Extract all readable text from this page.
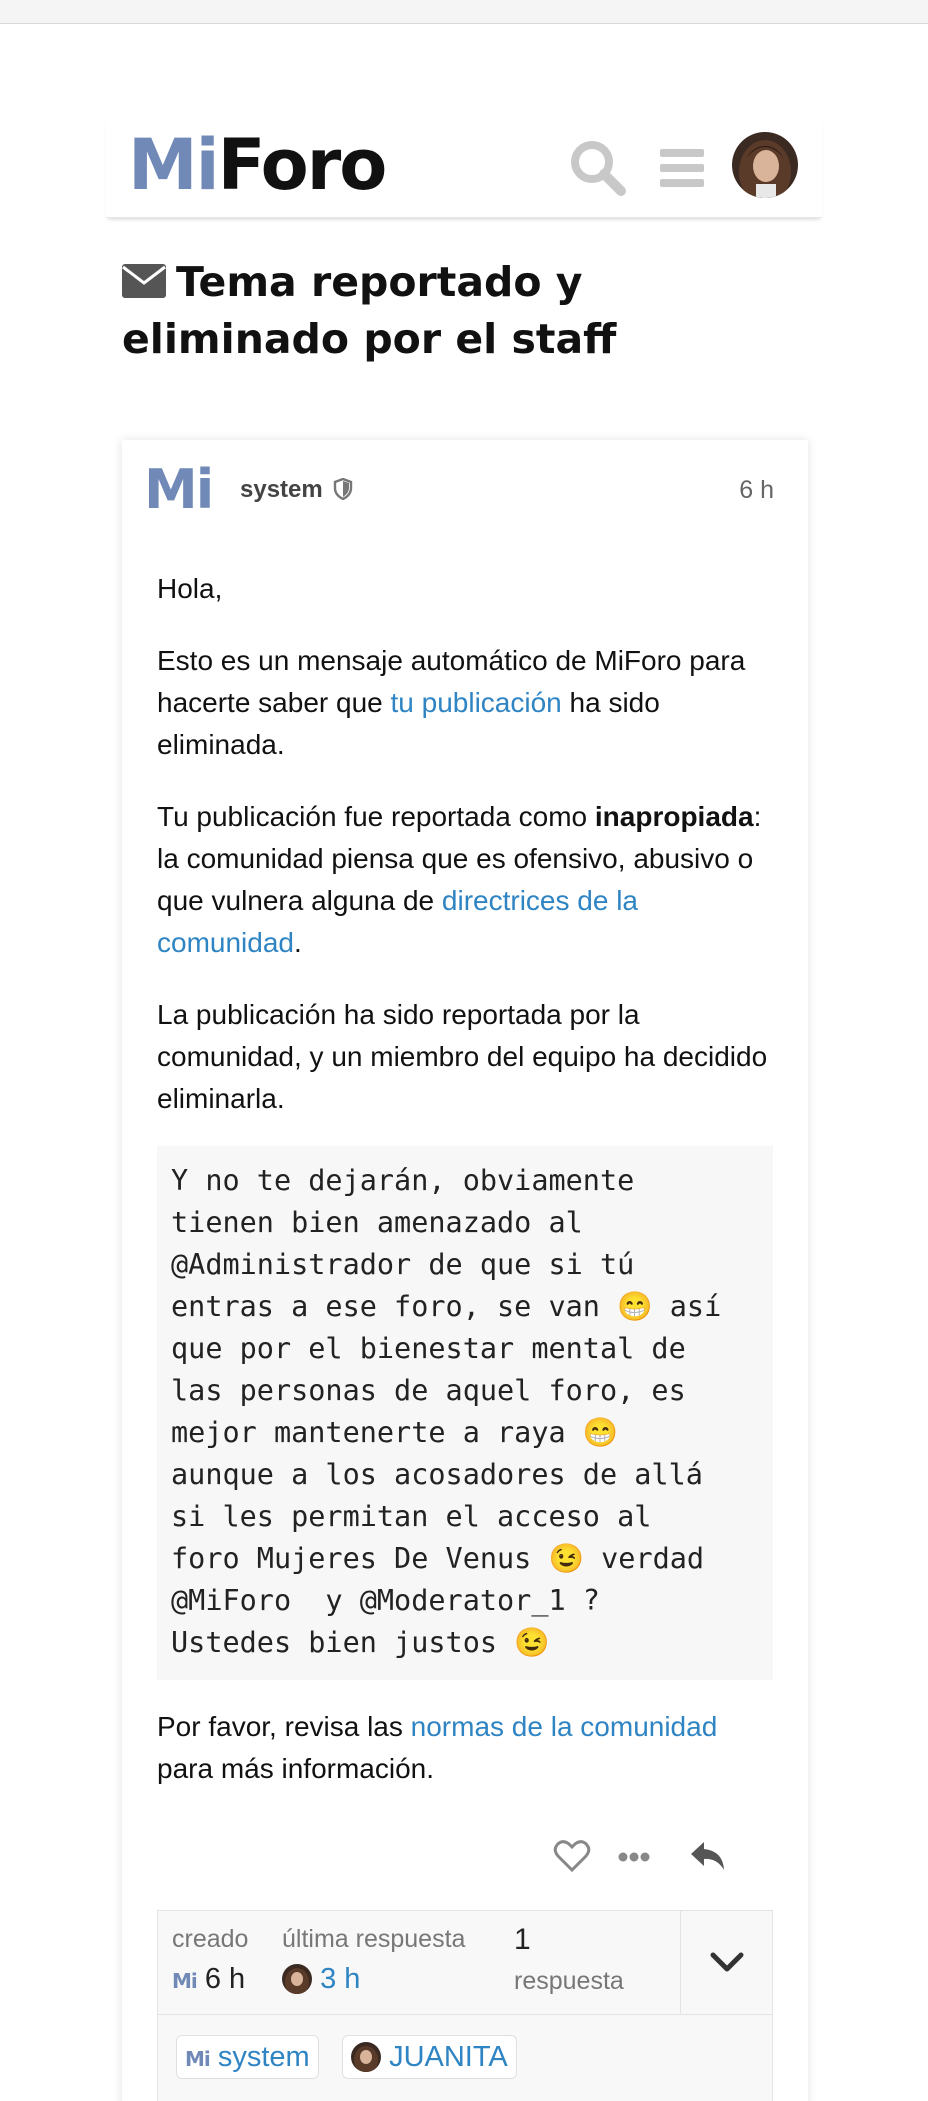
MiForo
Tema reportado y eliminado por el staff
Mi system	6 h

Hola,

Esto es un mensaje automático de MiForo para hacerte saber que tu publicación ha sido eliminada.

Tu publicación fue reportada como inapropiada: la comunidad piensa que es ofensivo, abusivo o que vulnera alguna de directrices de la comunidad.

La publicación ha sido reportada por la comunidad, y un miembro del equipo ha decidido eliminarla.

Y no te dejarán, obviamente
tienen bien amenazado al
@Administrador de que si tú
entras a ese foro, se van 😁 así
que por el bienestar mental de
las personas de aquel foro, es
mejor mantenerte a raya 😁
aunque a los acosadores de allá
si les permitan el acceso al
foro Mujeres De Venus 😉 verdad
@MiForo  y @Moderator_1 ?
Ustedes bien justos 😉
Por favor, revisa las normas de la comunidad para más información.
creado
Mi 6 h
última respuesta
3 h
1
respuesta
Mi system	JUANITA
